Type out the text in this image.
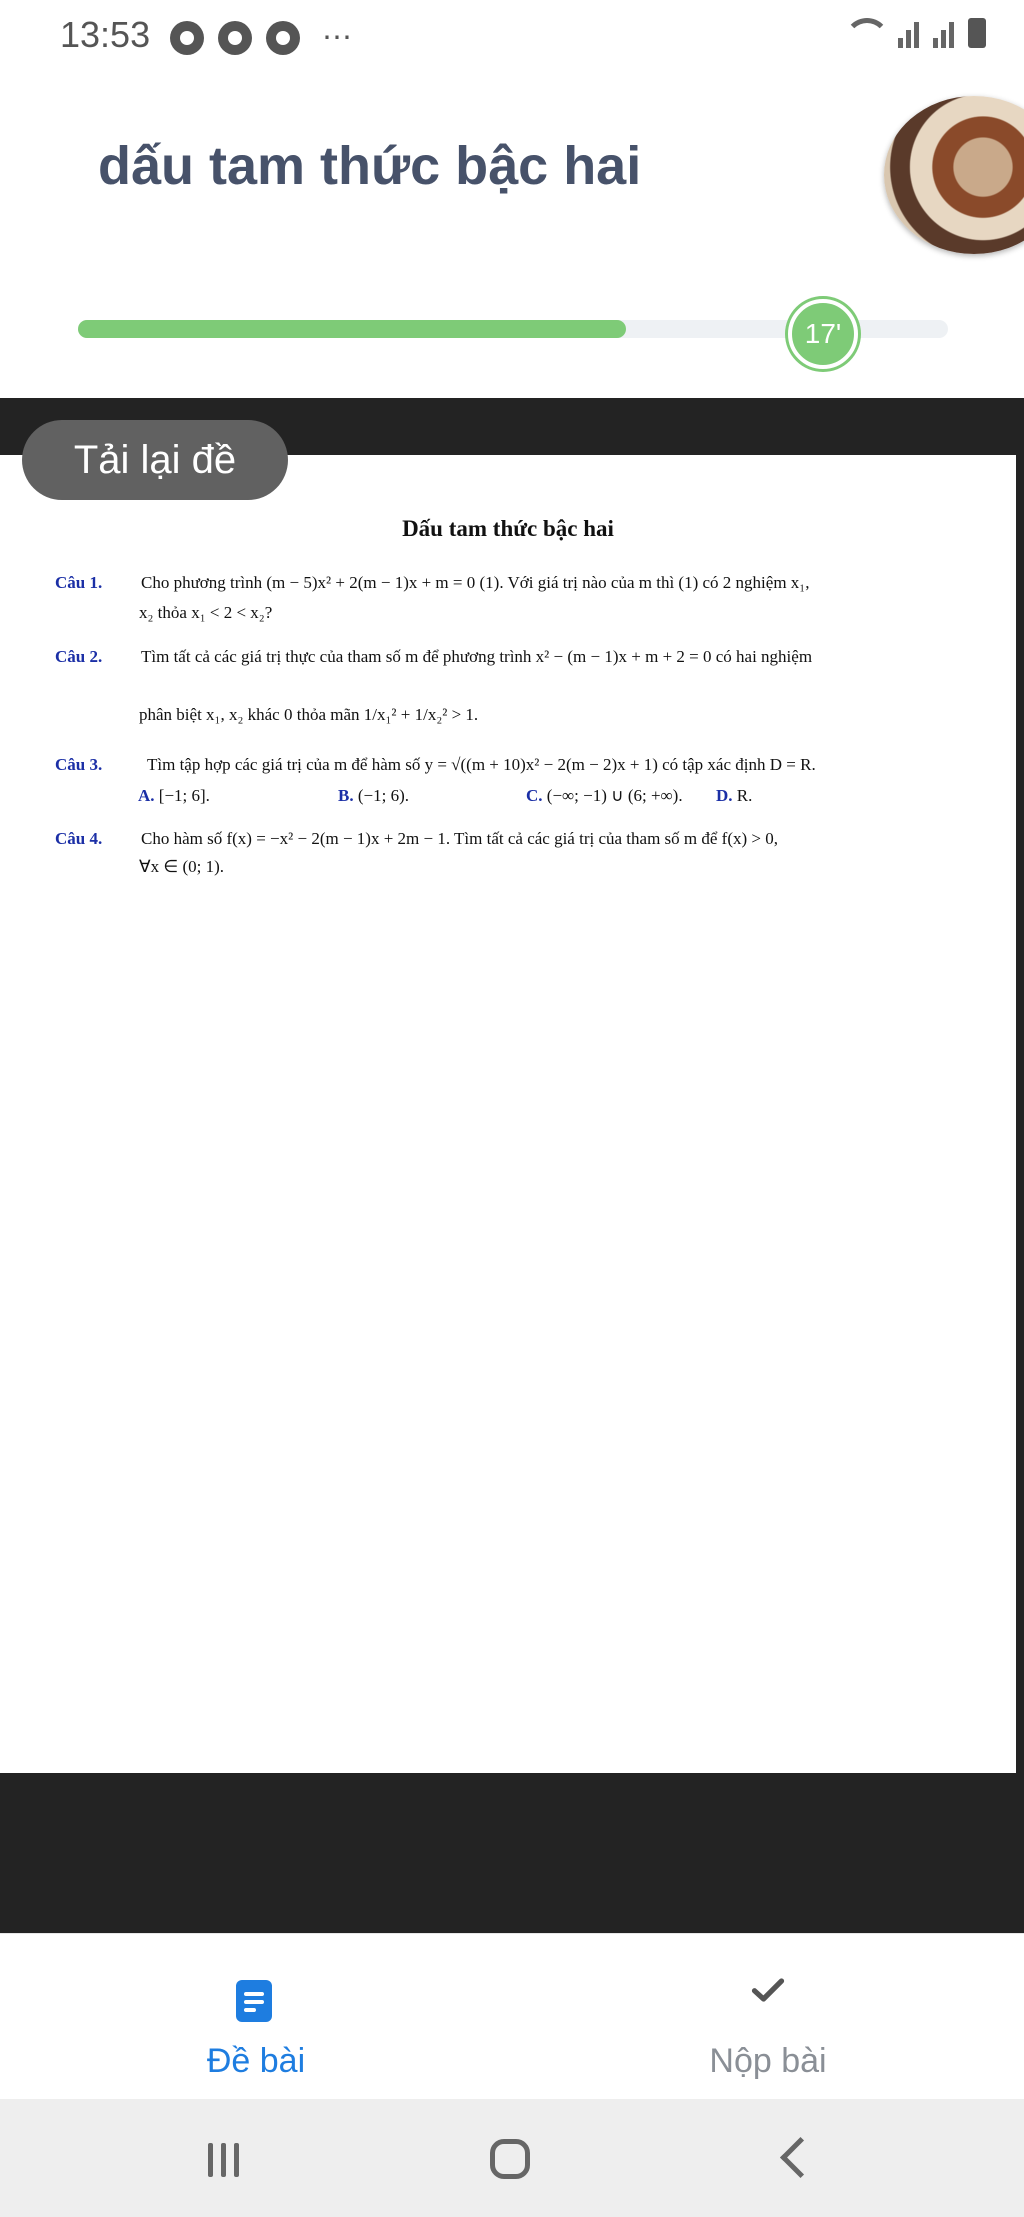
13:53	⋯
dấu tam thức bậc hai
17'
Tải lại đề
Dấu tam thức bậc hai
Câu 1. Cho phương trình (m − 5)x² + 2(m − 1)x + m = 0 (1). Với giá trị nào của m thì (1) có 2 nghiệm x₁,
x₂ thỏa x₁ < 2 < x₂?
Câu 2. Tìm tất cả các giá trị thực của tham số m để phương trình x² − (m − 1)x + m + 2 = 0 có hai nghiệm
phân biệt x₁, x₂ khác 0 thỏa mãn 1/x₁² + 1/x₂² > 1.
Câu 3.	Tìm tập hợp các giá trị của m để hàm số y = √((m + 10)x² − 2(m − 2)x + 1) có tập xác định D = R.
A. [−1; 6].	B. (−1; 6).	C. (−∞; −1) ∪ (6; +∞). D. R.
Câu 4. Cho hàm số f(x) = −x² − 2(m − 1)x + 2m − 1. Tìm tất cả các giá trị của tham số m để f(x) > 0,
∀x ∈ (0; 1).
Đề bài	Nộp bài
